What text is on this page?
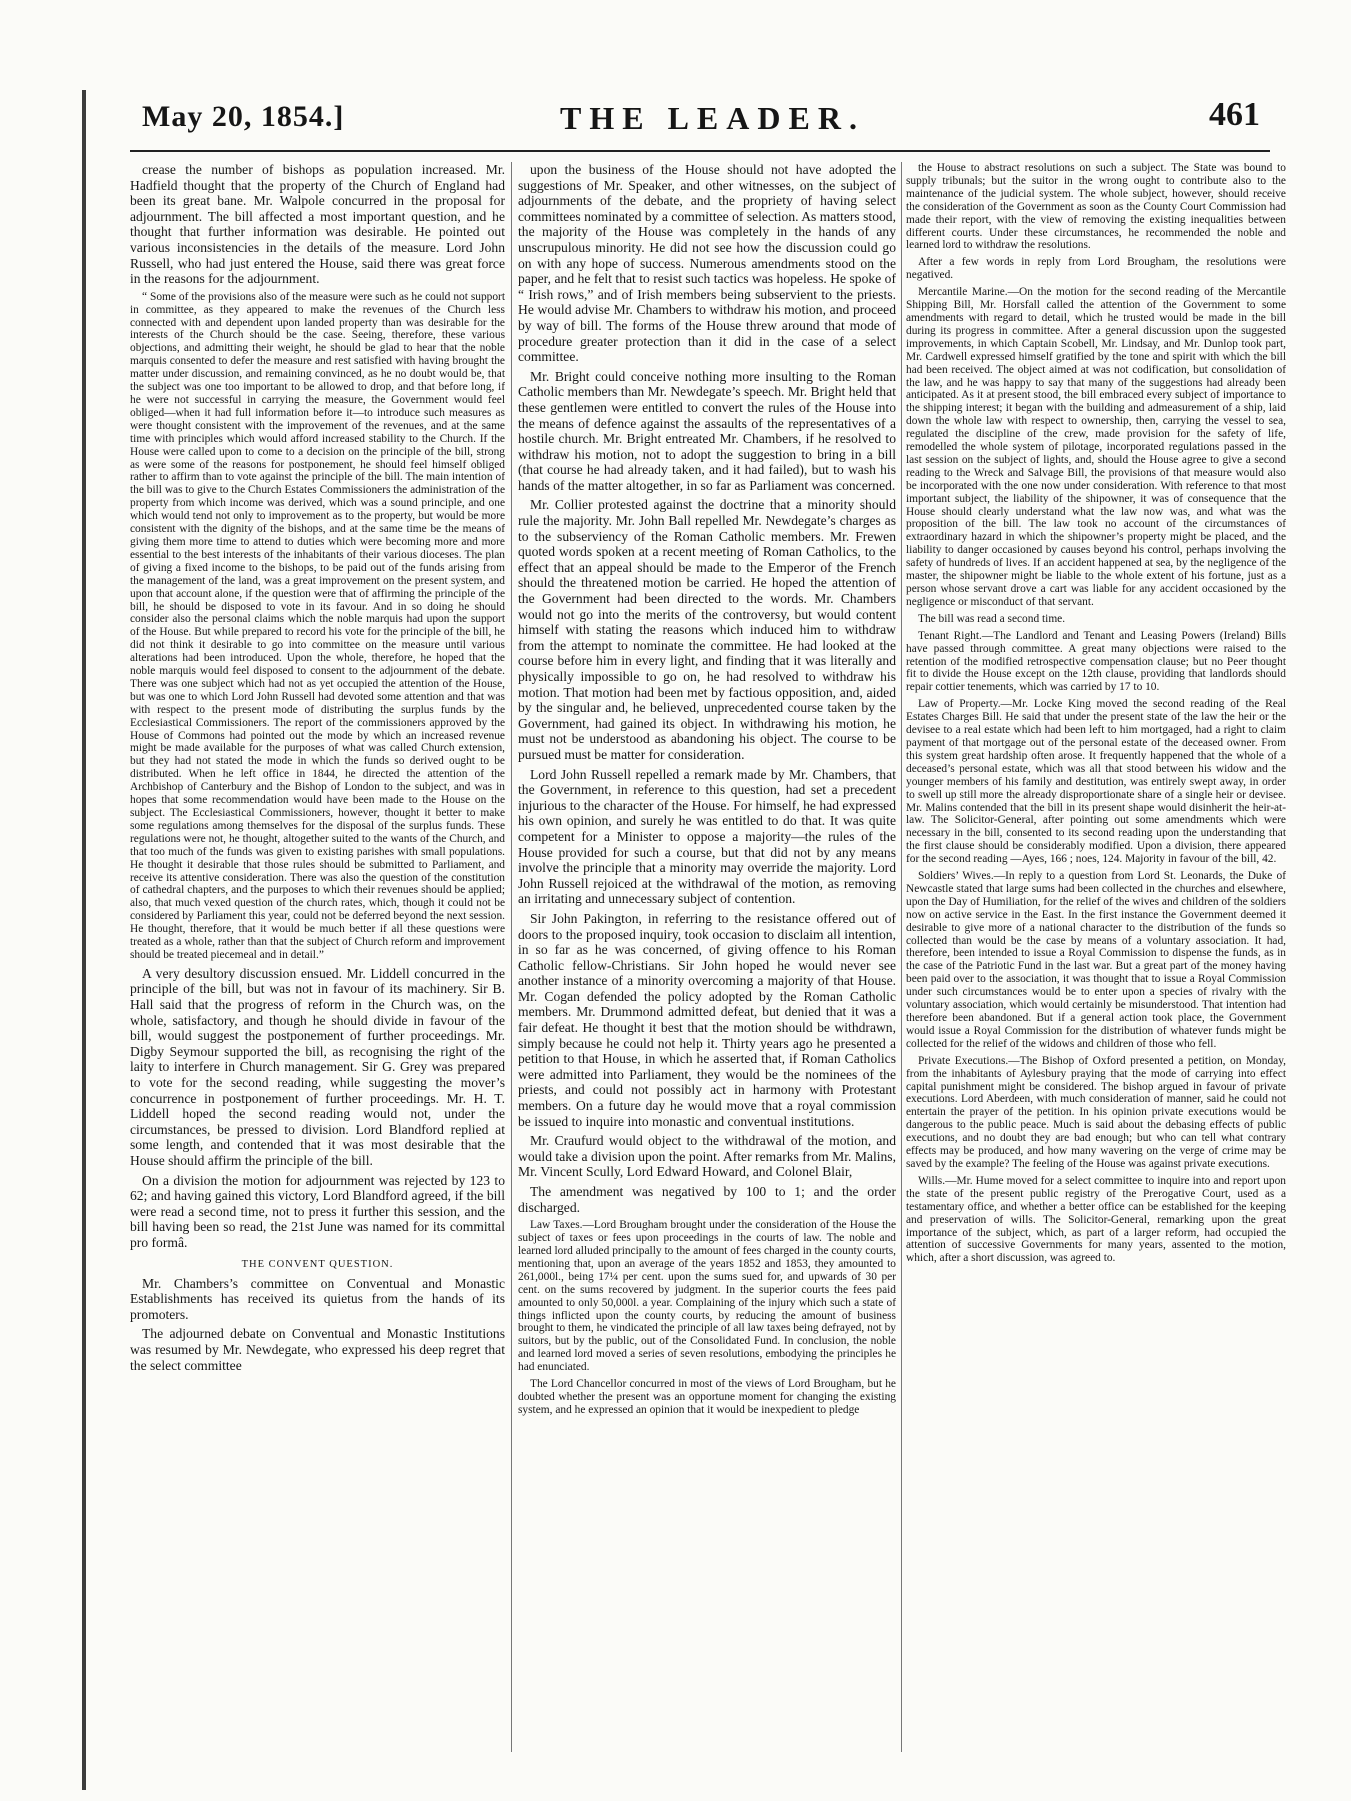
May 20, 1854.]	THE LEADER.	461

crease the number of bishops as population increased. Mr. Hadfield thought that the property of the Church of England had been its great bane. Mr. Walpole concurred in the proposal for adjournment. The bill affected a most important question, and he thought that further information was desirable. He pointed out various inconsistencies in the details of the measure. Lord John Russell, who had just entered the House, said there was great force in the reasons for the adjournment.

“ Some of the provisions also of the measure were such as he could not support in committee, as they appeared to make the revenues of the Church less connected with and dependent upon landed property than was desirable for the interests of the Church should be the case. Seeing, therefore, these various objections, and admitting their weight, he should be glad to hear that the noble marquis consented to defer the measure and rest satisfied with having brought the matter under discussion, and remaining convinced, as he no doubt would be, that the subject was one too important to be allowed to drop, and that before long, if he were not successful in carrying the measure, the Government would feel obliged—when it had full information before it—to introduce such measures as were thought consistent with the improvement of the revenues, and at the same time with principles which would afford increased stability to the Church. If the House were called upon to come to a decision on the principle of the bill, strong as were some of the reasons for postponement, he should feel himself obliged rather to affirm than to vote against the principle of the bill. The main intention of the bill was to give to the Church Estates Commissioners the administration of the property from which income was derived, which was a sound principle, and one which would tend not only to improvement as to the property, but would be more consistent with the dignity of the bishops, and at the same time be the means of giving them more time to attend to duties which were becoming more and more essential to the best interests of the inhabitants of their various dioceses. The plan of giving a fixed income to the bishops, to be paid out of the funds arising from the management of the land, was a great improvement on the present system, and upon that account alone, if the question were that of affirming the principle of the bill, he should be disposed to vote in its favour. And in so doing he should consider also the personal claims which the noble marquis had upon the support of the House. But while prepared to record his vote for the principle of the bill, he did not think it desirable to go into committee on the measure until various alterations had been introduced. Upon the whole, therefore, he hoped that the noble marquis would feel disposed to consent to the adjournment of the debate. There was one subject which had not as yet occupied the attention of the House, but was one to which Lord John Russell had devoted some attention and that was with respect to the present mode of distributing the surplus funds by the Ecclesiastical Commissioners. The report of the commissioners approved by the House of Commons had pointed out the mode by which an increased revenue might be made available for the purposes of what was called Church extension, but they had not stated the mode in which the funds so derived ought to be distributed. When he left office in 1844, he directed the attention of the Archbishop of Canterbury and the Bishop of London to the subject, and was in hopes that some recommendation would have been made to the House on the subject. The Ecclesiastical Commissioners, however, thought it better to make some regulations among themselves for the disposal of the surplus funds. These regulations were not, he thought, altogether suited to the wants of the Church, and that too much of the funds was given to existing parishes with small populations. He thought it desirable that those rules should be submitted to Parliament, and receive its attentive consideration. There was also the question of the constitution of cathedral chapters, and the purposes to which their revenues should be applied; also, that much vexed question of the church rates, which, though it could not be considered by Parliament this year, could not be deferred beyond the next session. He thought, therefore, that it would be much better if all these questions were treated as a whole, rather than that the subject of Church reform and improvement should be treated piecemeal and in detail.”

A very desultory discussion ensued. Mr. Liddell concurred in the principle of the bill, but was not in favour of its machinery. Sir B. Hall said that the progress of reform in the Church was, on the whole, satisfactory, and though he should divide in favour of the bill, would suggest the postponement of further proceedings. Mr. Digby Seymour supported the bill, as recognising the right of the laity to interfere in Church management. Sir G. Grey was prepared to vote for the second reading, while suggesting the mover’s concurrence in postponement of further proceedings. Mr. H. T. Liddell hoped the second reading would not, under the circumstances, be pressed to division. Lord Blandford replied at some length, and contended that it was most desirable that the House should affirm the principle of the bill.

On a division the motion for adjournment was rejected by 123 to 62; and having gained this victory, Lord Blandford agreed, if the bill were read a second time, not to press it further this session, and the bill having been so read, the 21st June was named for its committal pro formâ.

THE CONVENT QUESTION.

Mr. Chambers’s committee on Conventual and Monastic Establishments has received its quietus from the hands of its promoters.

The adjourned debate on Conventual and Monastic Institutions was resumed by Mr. Newdegate, who expressed his deep regret that the select committee

upon the business of the House should not have adopted the suggestions of Mr. Speaker, and other witnesses, on the subject of adjournments of the debate, and the propriety of having select committees nominated by a committee of selection. As matters stood, the majority of the House was completely in the hands of any unscrupulous minority. He did not see how the discussion could go on with any hope of success. Numerous amendments stood on the paper, and he felt that to resist such tactics was hopeless. He spoke of “ Irish rows,” and of Irish members being subservient to the priests. He would advise Mr. Chambers to withdraw his motion, and proceed by way of bill. The forms of the House threw around that mode of procedure greater protection than it did in the case of a select committee.

Mr. Bright could conceive nothing more insulting to the Roman Catholic members than Mr. Newdegate’s speech. Mr. Bright held that these gentlemen were entitled to convert the rules of the House into the means of defence against the assaults of the representatives of a hostile church. Mr. Bright entreated Mr. Chambers, if he resolved to withdraw his motion, not to adopt the suggestion to bring in a bill (that course he had already taken, and it had failed), but to wash his hands of the matter altogether, in so far as Parliament was concerned.

Mr. Collier protested against the doctrine that a minority should rule the majority. Mr. John Ball repelled Mr. Newdegate’s charges as to the subserviency of the Roman Catholic members. Mr. Frewen quoted words spoken at a recent meeting of Roman Catholics, to the effect that an appeal should be made to the Emperor of the French should the threatened motion be carried. He hoped the attention of the Government had been directed to the words. Mr. Chambers would not go into the merits of the controversy, but would content himself with stating the reasons which induced him to withdraw from the attempt to nominate the committee. He had looked at the course before him in every light, and finding that it was literally and physically impossible to go on, he had resolved to withdraw his motion. That motion had been met by factious opposition, and, aided by the singular and, he believed, unprecedented course taken by the Government, had gained its object. In withdrawing his motion, he must not be understood as abandoning his object. The course to be pursued must be matter for consideration.

Lord John Russell repelled a remark made by Mr. Chambers, that the Government, in reference to this question, had set a precedent injurious to the character of the House. For himself, he had expressed his own opinion, and surely he was entitled to do that. It was quite competent for a Minister to oppose a majority—the rules of the House provided for such a course, but that did not by any means involve the principle that a minority may override the majority. Lord John Russell rejoiced at the withdrawal of the motion, as removing an irritating and unnecessary subject of contention.

Sir John Pakington, in referring to the resistance offered out of doors to the proposed inquiry, took occasion to disclaim all intention, in so far as he was concerned, of giving offence to his Roman Catholic fellow-Christians. Sir John hoped he would never see another instance of a minority overcoming a majority of that House. Mr. Cogan defended the policy adopted by the Roman Catholic members. Mr. Drummond admitted defeat, but denied that it was a fair defeat. He thought it best that the motion should be withdrawn, simply because he could not help it. Thirty years ago he presented a petition to that House, in which he asserted that, if Roman Catholics were admitted into Parliament, they would be the nominees of the priests, and could not possibly act in harmony with Protestant members. On a future day he would move that a royal commission be issued to inquire into monastic and conventual institutions.

Mr. Craufurd would object to the withdrawal of the motion, and would take a division upon the point. After remarks from Mr. Malins, Mr. Vincent Scully, Lord Edward Howard, and Colonel Blair,

The amendment was negatived by 100 to 1; and the order discharged.

Law Taxes.—Lord Brougham brought under the consideration of the House the subject of taxes or fees upon proceedings in the courts of law. The noble and learned lord alluded principally to the amount of fees charged in the county courts, mentioning that, upon an average of the years 1852 and 1853, they amounted to 261,000l., being 17¼ per cent. upon the sums sued for, and upwards of 30 per cent. on the sums recovered by judgment. In the superior courts the fees paid amounted to only 50,000l. a year. Complaining of the injury which such a state of things inflicted upon the county courts, by reducing the amount of business brought to them, he vindicated the principle of all law taxes being defrayed, not by suitors, but by the public, out of the Consolidated Fund. In conclusion, the noble and learned lord moved a series of seven resolutions, embodying the principles he had enunciated.

The Lord Chancellor concurred in most of the views of Lord Brougham, but he doubted whether the present was an opportune moment for changing the existing system, and he expressed an opinion that it would be inexpedient to pledge

the House to abstract resolutions on such a subject. The State was bound to supply tribunals; but the suitor in the wrong ought to contribute also to the maintenance of the judicial system. The whole subject, however, should receive the consideration of the Government as soon as the County Court Commission had made their report, with the view of removing the existing inequalities between different courts. Under these circumstances, he recommended the noble and learned lord to withdraw the resolutions.

After a few words in reply from Lord Brougham, the resolutions were negatived.

Mercantile Marine.—On the motion for the second reading of the Mercantile Shipping Bill, Mr. Horsfall called the attention of the Government to some amendments with regard to detail, which he trusted would be made in the bill during its progress in committee. After a general discussion upon the suggested improvements, in which Captain Scobell, Mr. Lindsay, and Mr. Dunlop took part, Mr. Cardwell expressed himself gratified by the tone and spirit with which the bill had been received. The object aimed at was not codification, but consolidation of the law, and he was happy to say that many of the suggestions had already been anticipated. As it at present stood, the bill embraced every subject of importance to the shipping interest; it began with the building and admeasurement of a ship, laid down the whole law with respect to ownership, then, carrying the vessel to sea, regulated the discipline of the crew, made provision for the safety of life, remodelled the whole system of pilotage, incorporated regulations passed in the last session on the subject of lights, and, should the House agree to give a second reading to the Wreck and Salvage Bill, the provisions of that measure would also be incorporated with the one now under consideration. With reference to that most important subject, the liability of the shipowner, it was of consequence that the House should clearly understand what the law now was, and what was the proposition of the bill. The law took no account of the circumstances of extraordinary hazard in which the shipowner’s property might be placed, and the liability to danger occasioned by causes beyond his control, perhaps involving the safety of hundreds of lives. If an accident happened at sea, by the negligence of the master, the shipowner might be liable to the whole extent of his fortune, just as a person whose servant drove a cart was liable for any accident occasioned by the negligence or misconduct of that servant.

The bill was read a second time.

Tenant Right.—The Landlord and Tenant and Leasing Powers (Ireland) Bills have passed through committee. A great many objections were raised to the retention of the modified retrospective compensation clause; but no Peer thought fit to divide the House except on the 12th clause, providing that landlords should repair cottier tenements, which was carried by 17 to 10.

Law of Property.—Mr. Locke King moved the second reading of the Real Estates Charges Bill. He said that under the present state of the law the heir or the devisee to a real estate which had been left to him mortgaged, had a right to claim payment of that mortgage out of the personal estate of the deceased owner. From this system great hardship often arose. It frequently happened that the whole of a deceased’s personal estate, which was all that stood between his widow and the younger members of his family and destitution, was entirely swept away, in order to swell up still more the already disproportionate share of a single heir or devisee. Mr. Malins contended that the bill in its present shape would disinherit the heir-at-law. The Solicitor-General, after pointing out some amendments which were necessary in the bill, consented to its second reading upon the understanding that the first clause should be considerably modified. Upon a division, there appeared for the second reading —Ayes, 166 ; noes, 124. Majority in favour of the bill, 42.

Soldiers’ Wives.—In reply to a question from Lord St. Leonards, the Duke of Newcastle stated that large sums had been collected in the churches and elsewhere, upon the Day of Humiliation, for the relief of the wives and children of the soldiers now on active service in the East. In the first instance the Government deemed it desirable to give more of a national character to the distribution of the funds so collected than would be the case by means of a voluntary association. It had, therefore, been intended to issue a Royal Commission to dispense the funds, as in the case of the Patriotic Fund in the last war. But a great part of the money having been paid over to the association, it was thought that to issue a Royal Commission under such circumstances would be to enter upon a species of rivalry with the voluntary association, which would certainly be misunderstood. That intention had therefore been abandoned. But if a general action took place, the Government would issue a Royal Commission for the distribution of whatever funds might be collected for the relief of the widows and children of those who fell.

Private Executions.—The Bishop of Oxford presented a petition, on Monday, from the inhabitants of Aylesbury praying that the mode of carrying into effect capital punishment might be considered. The bishop argued in favour of private executions. Lord Aberdeen, with much consideration of manner, said he could not entertain the prayer of the petition. In his opinion private executions would be dangerous to the public peace. Much is said about the debasing effects of public executions, and no doubt they are bad enough; but who can tell what contrary effects may be produced, and how many wavering on the verge of crime may be saved by the example? The feeling of the House was against private executions.

Wills.—Mr. Hume moved for a select committee to inquire into and report upon the state of the present public registry of the Prerogative Court, used as a testamentary office, and whether a better office can be established for the keeping and preservation of wills. The Solicitor-General, remarking upon the great importance of the subject, which, as part of a larger reform, had occupied the attention of successive Governments for many years, assented to the motion, which, after a short discussion, was agreed to.
